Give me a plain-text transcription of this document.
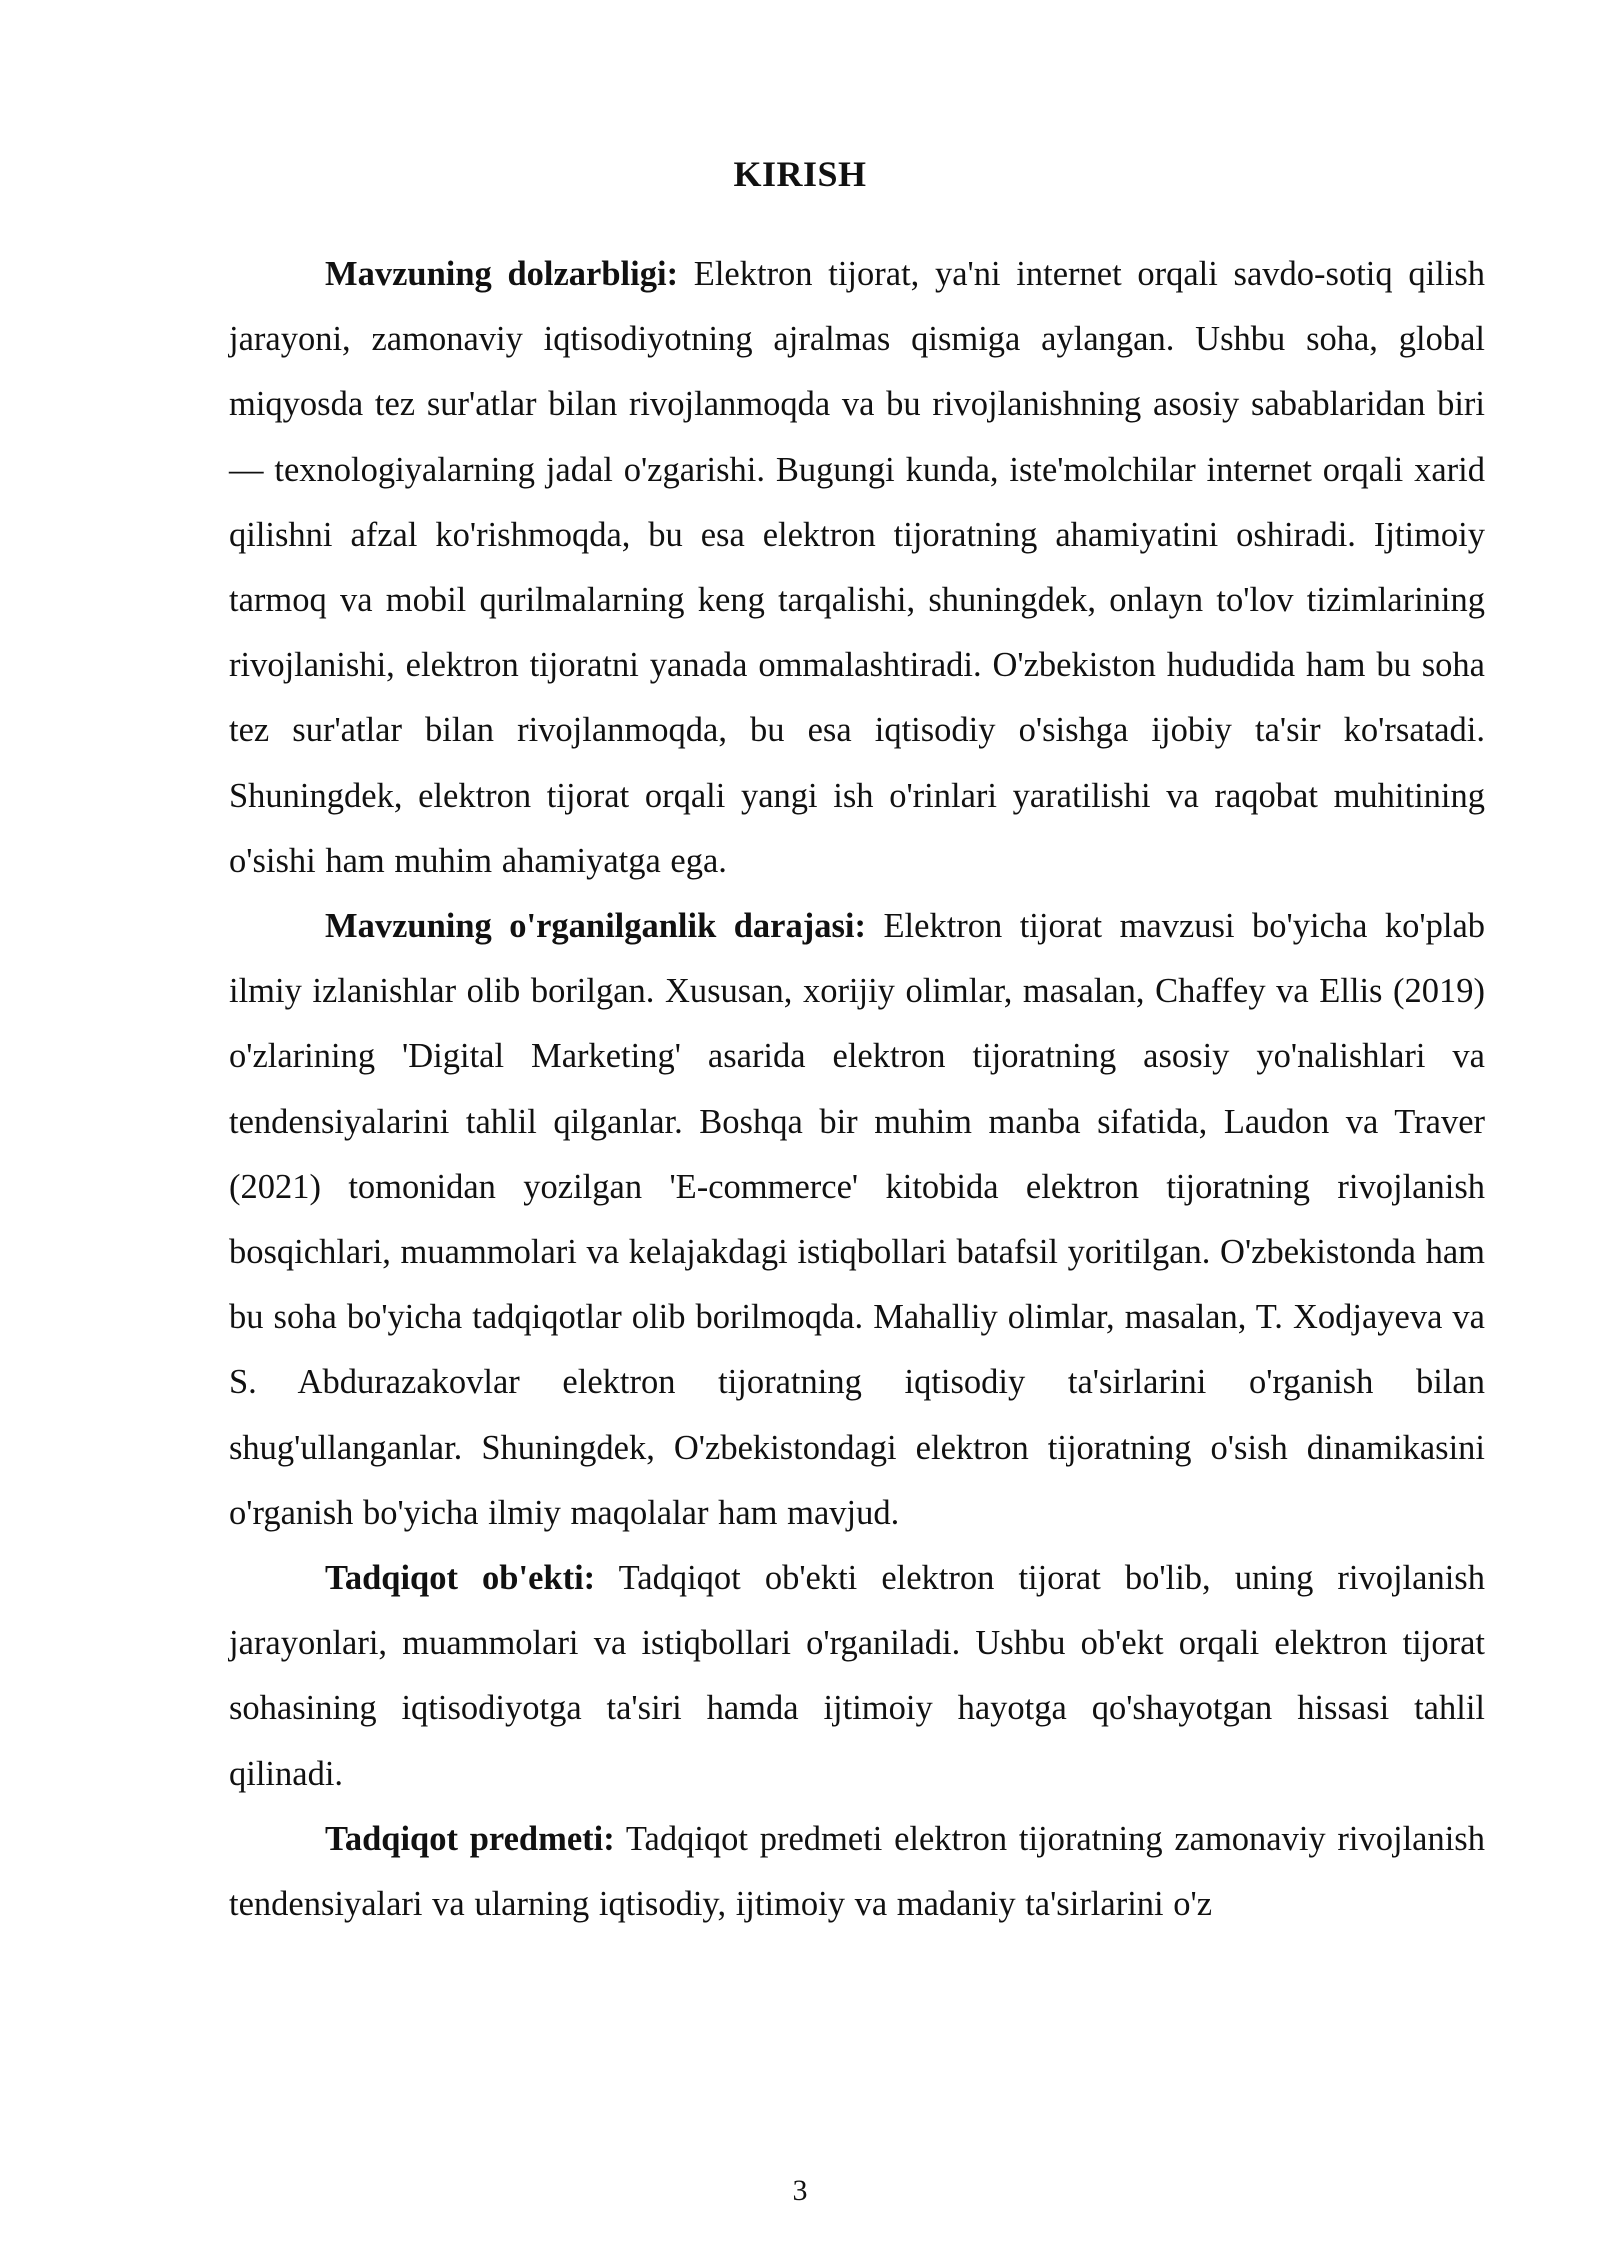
KIRISH

Mavzuning dolzarbligi: Elektron tijorat, ya'ni internet orqali savdo-sotiq qilish jarayoni, zamonaviy iqtisodiyotning ajralmas qismiga aylangan. Ushbu soha, global miqyosda tez sur'atlar bilan rivojlanmoqda va bu rivojlanishning asosiy sabablaridan biri — texnologiyalarning jadal o'zgarishi. Bugungi kunda, iste'molchilar internet orqali xarid qilishni afzal ko'rishmoqda, bu esa elektron tijoratning ahamiyatini oshiradi. Ijtimoiy tarmoq va mobil qurilmalarning keng tarqalishi, shuningdek, onlayn to'lov tizimlarining rivojlanishi, elektron tijoratni yanada ommalashtiradi. O'zbekiston hududida ham bu soha tez sur'atlar bilan rivojlanmoqda, bu esa iqtisodiy o'sishga ijobiy ta'sir ko'rsatadi. Shuningdek, elektron tijorat orqali yangi ish o'rinlari yaratilishi va raqobat muhitining o'sishi ham muhim ahamiyatga ega.

Mavzuning o'rganilganlik darajasi: Elektron tijorat mavzusi bo'yicha ko'plab ilmiy izlanishlar olib borilgan. Xususan, xorijiy olimlar, masalan, Chaffey va Ellis (2019) o'zlarining 'Digital Marketing' asarida elektron tijoratning asosiy yo'nalishlari va tendensiyalarini tahlil qilganlar. Boshqa bir muhim manba sifatida, Laudon va Traver (2021) tomonidan yozilgan 'E-commerce' kitobida elektron tijoratning rivojlanish bosqichlari, muammolari va kelajakdagi istiqbollari batafsil yoritilgan. O'zbekistonda ham bu soha bo'yicha tadqiqotlar olib borilmoqda. Mahalliy olimlar, masalan, T. Xodjayeva va S. Abdurazakovlar elektron tijoratning iqtisodiy ta'sirlarini o'rganish bilan shug'ullanganlar. Shuningdek, O'zbekistondagi elektron tijoratning o'sish dinamikasini o'rganish bo'yicha ilmiy maqolalar ham mavjud.

Tadqiqot ob'ekti: Tadqiqot ob'ekti elektron tijorat bo'lib, uning rivojlanish jarayonlari, muammolari va istiqbollari o'rganiladi. Ushbu ob'ekt orqali elektron tijorat sohasining iqtisodiyotga ta'siri hamda ijtimoiy hayotga qo'shayotgan hissasi tahlil qilinadi.

Tadqiqot predmeti: Tadqiqot predmeti elektron tijoratning zamonaviy rivojlanish tendensiyalari va ularning iqtisodiy, ijtimoiy va madaniy ta'sirlarini o'z

3
